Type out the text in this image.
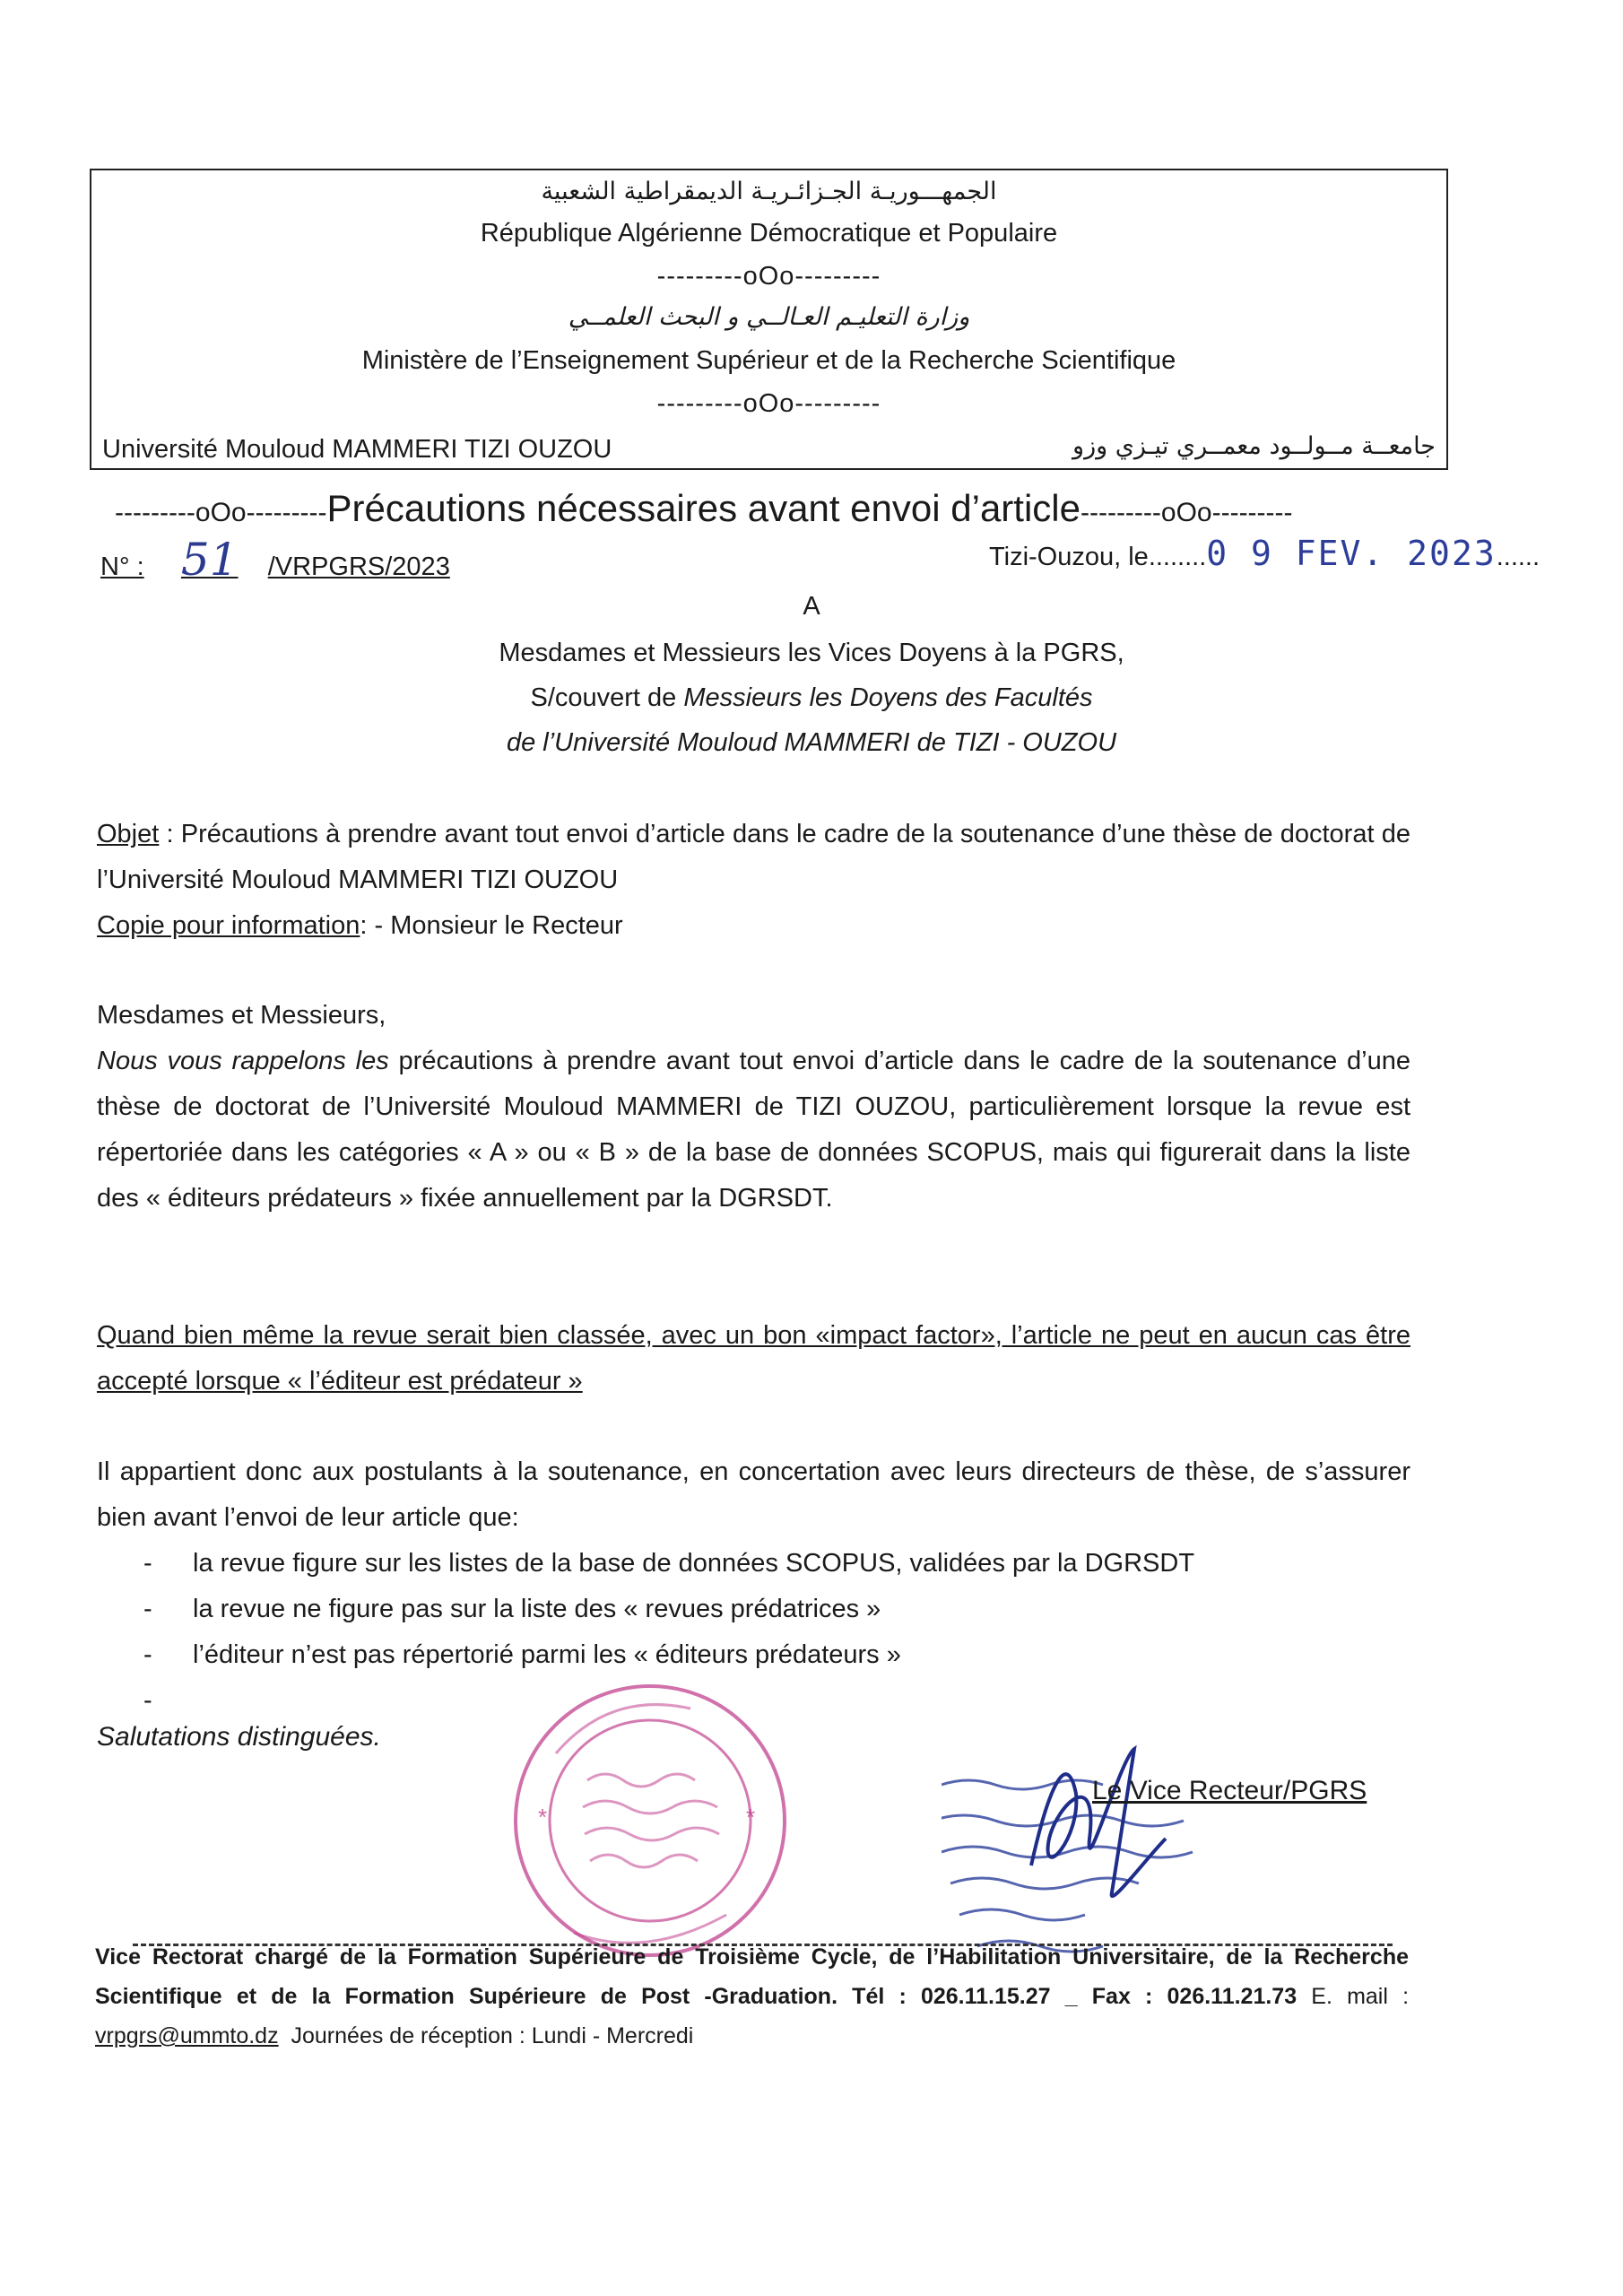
الجمهـــوريـة الجـزائـريـة الديمقراطية الشعبية
République Algérienne Démocratique et Populaire
---------oOo---------
وزارة التعليـم العـالــي و البحث العلمــي
Ministère de l’Enseignement Supérieur et de la Recherche Scientifique
---------oOo---------
Université Mouloud MAMMERI TIZI OUZOU	جامعــة مــولــود معمــري تيـزي وزو
---------oOo---------Précautions nécessaires avant envoi d’article---------oOo---------
N° : 51 /VRPGRS/2023	Tizi-Ouzou, le........0 9 FEV. 2023......
A
Mesdames et Messieurs les Vices Doyens à la PGRS,
S/couvert de Messieurs les Doyens des Facultés
de l’Université Mouloud MAMMERI de TIZI - OUZOU

Objet : Précautions à prendre avant tout envoi d’article dans le cadre de la soutenance d’une thèse de doctorat de l’Université Mouloud MAMMERI TIZI OUZOU

Copie pour information: - Monsieur le Recteur

Mesdames et Messieurs,

Nous vous rappelons les précautions à prendre avant tout envoi d’article dans le cadre de la soutenance d’une thèse de doctorat de l’Université Mouloud MAMMERI de TIZI OUZOU, particulièrement lorsque la revue est répertoriée dans les catégories « A » ou « B » de la base de données SCOPUS, mais qui figurerait dans la liste des « éditeurs prédateurs » fixée annuellement par la DGRSDT.

Quand bien même la revue serait bien classée, avec un bon «impact factor», l’article ne peut en aucun cas être accepté lorsque « l’éditeur est prédateur »
Il appartient donc aux postulants à la soutenance, en concertation avec leurs directeurs de thèse, de s’assurer bien avant l’envoi de leur article que:
-	la revue figure sur les listes de la base de données SCOPUS, validées par la DGRSDT
-	la revue ne figure pas sur la liste des « revues prédatrices »
-	l’éditeur n’est pas répertorié parmi les « éditeurs prédateurs »
-
Salutations distinguées.
*	*
Le Vice Recteur/PGRS

Vice Rectorat chargé de la Formation Supérieure de Troisième Cycle, de l’Habilitation Universitaire, de la Recherche Scientifique et de la Formation Supérieure de Post -Graduation. Tél : 026.11.15.27 _ Fax : 026.11.21.73 E. mail : vrpgrs@ummto.dz Journées de réception : Lundi - Mercredi
